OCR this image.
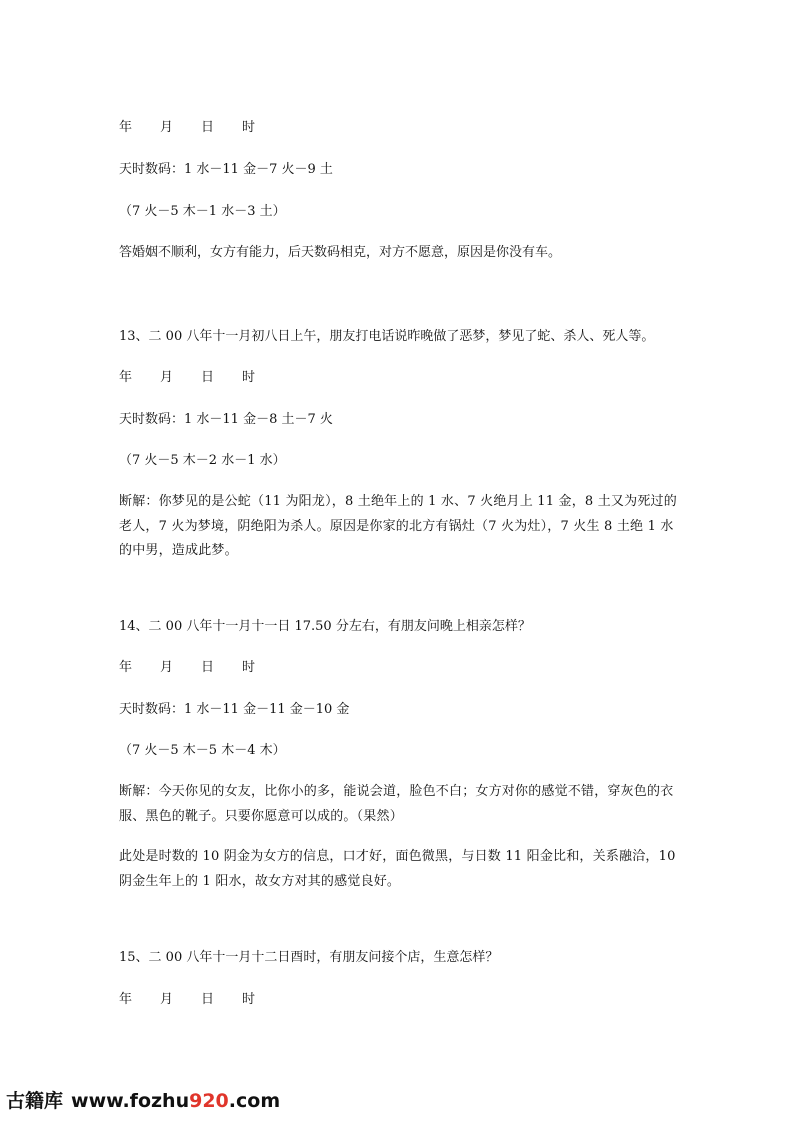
年 月 日 时

天时数码：1 水－11 金－7 火－9 土

（7 火－5 木－1 水－3 土）

答婚姻不顺利，女方有能力，后天数码相克，对方不愿意，原因是你没有车。

13、二 00 八年十一月初八日上午，朋友打电话说昨晚做了恶梦，梦见了蛇、杀人、死人等。

年 月 日 时

天时数码：1 水－11 金－8 土－7 火

（7 火－5 木－2 水－1 水）

断解：你梦见的是公蛇（11 为阳龙），8 土绝年上的 1 水、7 火绝月上 11 金，8 土又为死过的老人，7 火为梦境，阴绝阳为杀人。原因是你家的北方有锅灶（7 火为灶），7 火生 8 土绝 1 水的中男，造成此梦。

14、二 00 八年十一月十一日 17.50 分左右，有朋友问晚上相亲怎样？

年 月 日 时

天时数码：1 水－11 金－11 金－10 金

（7 火－5 木－5 木－4 木）

断解：今天你见的女友，比你小的多，能说会道，脸色不白；女方对你的感觉不错，穿灰色的衣服、黑色的靴子。只要你愿意可以成的。（果然）

此处是时数的 10 阴金为女方的信息，口才好，面色微黑，与日数 11 阳金比和，关系融洽，10 阴金生年上的 1 阳水，故女方对其的感觉良好。

15、二 00 八年十一月十二日酉时，有朋友问接个店，生意怎样？

年 月 日 时

古籍库 www.fozhu920.com
